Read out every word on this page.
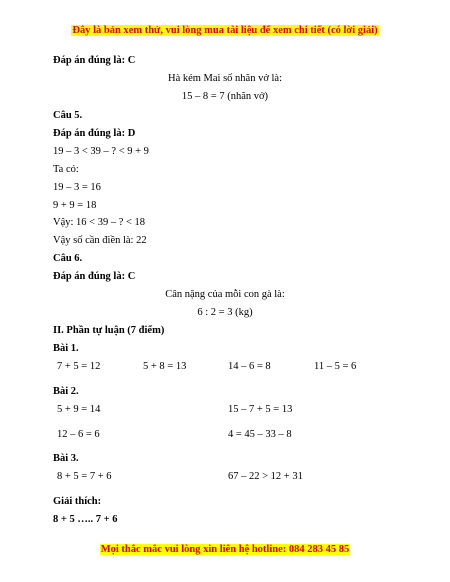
Đây là bản xem thử, vui lòng mua tài liệu để xem chi tiết (có lời giải)
Đáp án đúng là: C
Hà kém Mai số nhãn vở là:
15 – 8 = 7 (nhãn vở)
Câu 5.
Đáp án đúng là: D
19 – 3 < 39 – ? < 9 + 9
Ta có:
19 – 3 = 16
9 + 9 = 18
Vậy: 16 < 39 – ? < 18
Vậy số cần điền là: 22
Câu 6.
Đáp án đúng là: C
Cân nặng của mỗi con gà là:
6 : 2 = 3 (kg)
II. Phần tự luận (7 điểm)
Bài 1.
7 + 5 = 12	5 + 8 = 13	14 – 6 = 8	11 – 5 = 6
Bài 2.
5 + 9 = 14	15 – 7 + 5 = 13
12 – 6 = 6	4 = 45 – 33 – 8
Bài 3.
8 + 5 = 7 + 6	67 – 22 > 12 + 31
Giải thích:
8 + 5 ….. 7 + 6
Mọi thắc mắc vui lòng xin liên hệ hotline: 084 283 45 85
